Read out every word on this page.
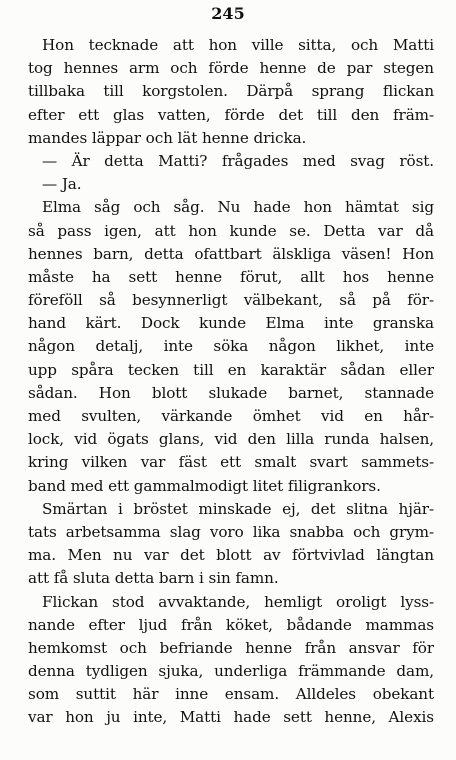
245
Hon tecknade att hon ville sitta, och Matti
tog hennes arm och förde henne de par stegen
tillbaka till korgstolen. Därpå sprang flickan
efter ett glas vatten, förde det till den främ-
mandes läppar och lät henne dricka.
— Är detta Matti? frågades med svag röst.
— Ja.
Elma såg och såg. Nu hade hon hämtat sig
så pass igen, att hon kunde se. Detta var då
hennes barn, detta ofattbart älskliga väsen! Hon
måste ha sett henne förut, allt hos henne
föreföll så besynnerligt välbekant, så på för-
hand kärt. Dock kunde Elma inte granska
någon detalj, inte söka någon likhet, inte
upp spåra tecken till en karaktär sådan eller
sådan. Hon blott slukade barnet, stannade
med svulten, värkande ömhet vid en hår-
lock, vid ögats glans, vid den lilla runda halsen,
kring vilken var fäst ett smalt svart sammets-
band med ett gammalmodigt litet filigrankors.
Smärtan i bröstet minskade ej, det slitna hjär-
tats arbetsamma slag voro lika snabba och grym-
ma. Men nu var det blott av förtvivlad längtan
att få sluta detta barn i sin famn.
Flickan stod avvaktande, hemligt oroligt lyss-
nande efter ljud från köket, bådande mammas
hemkomst och befriande henne från ansvar för
denna tydligen sjuka, underliga främmande dam,
som suttit här inne ensam. Alldeles obekant
var hon ju inte, Matti hade sett henne, Alexis
